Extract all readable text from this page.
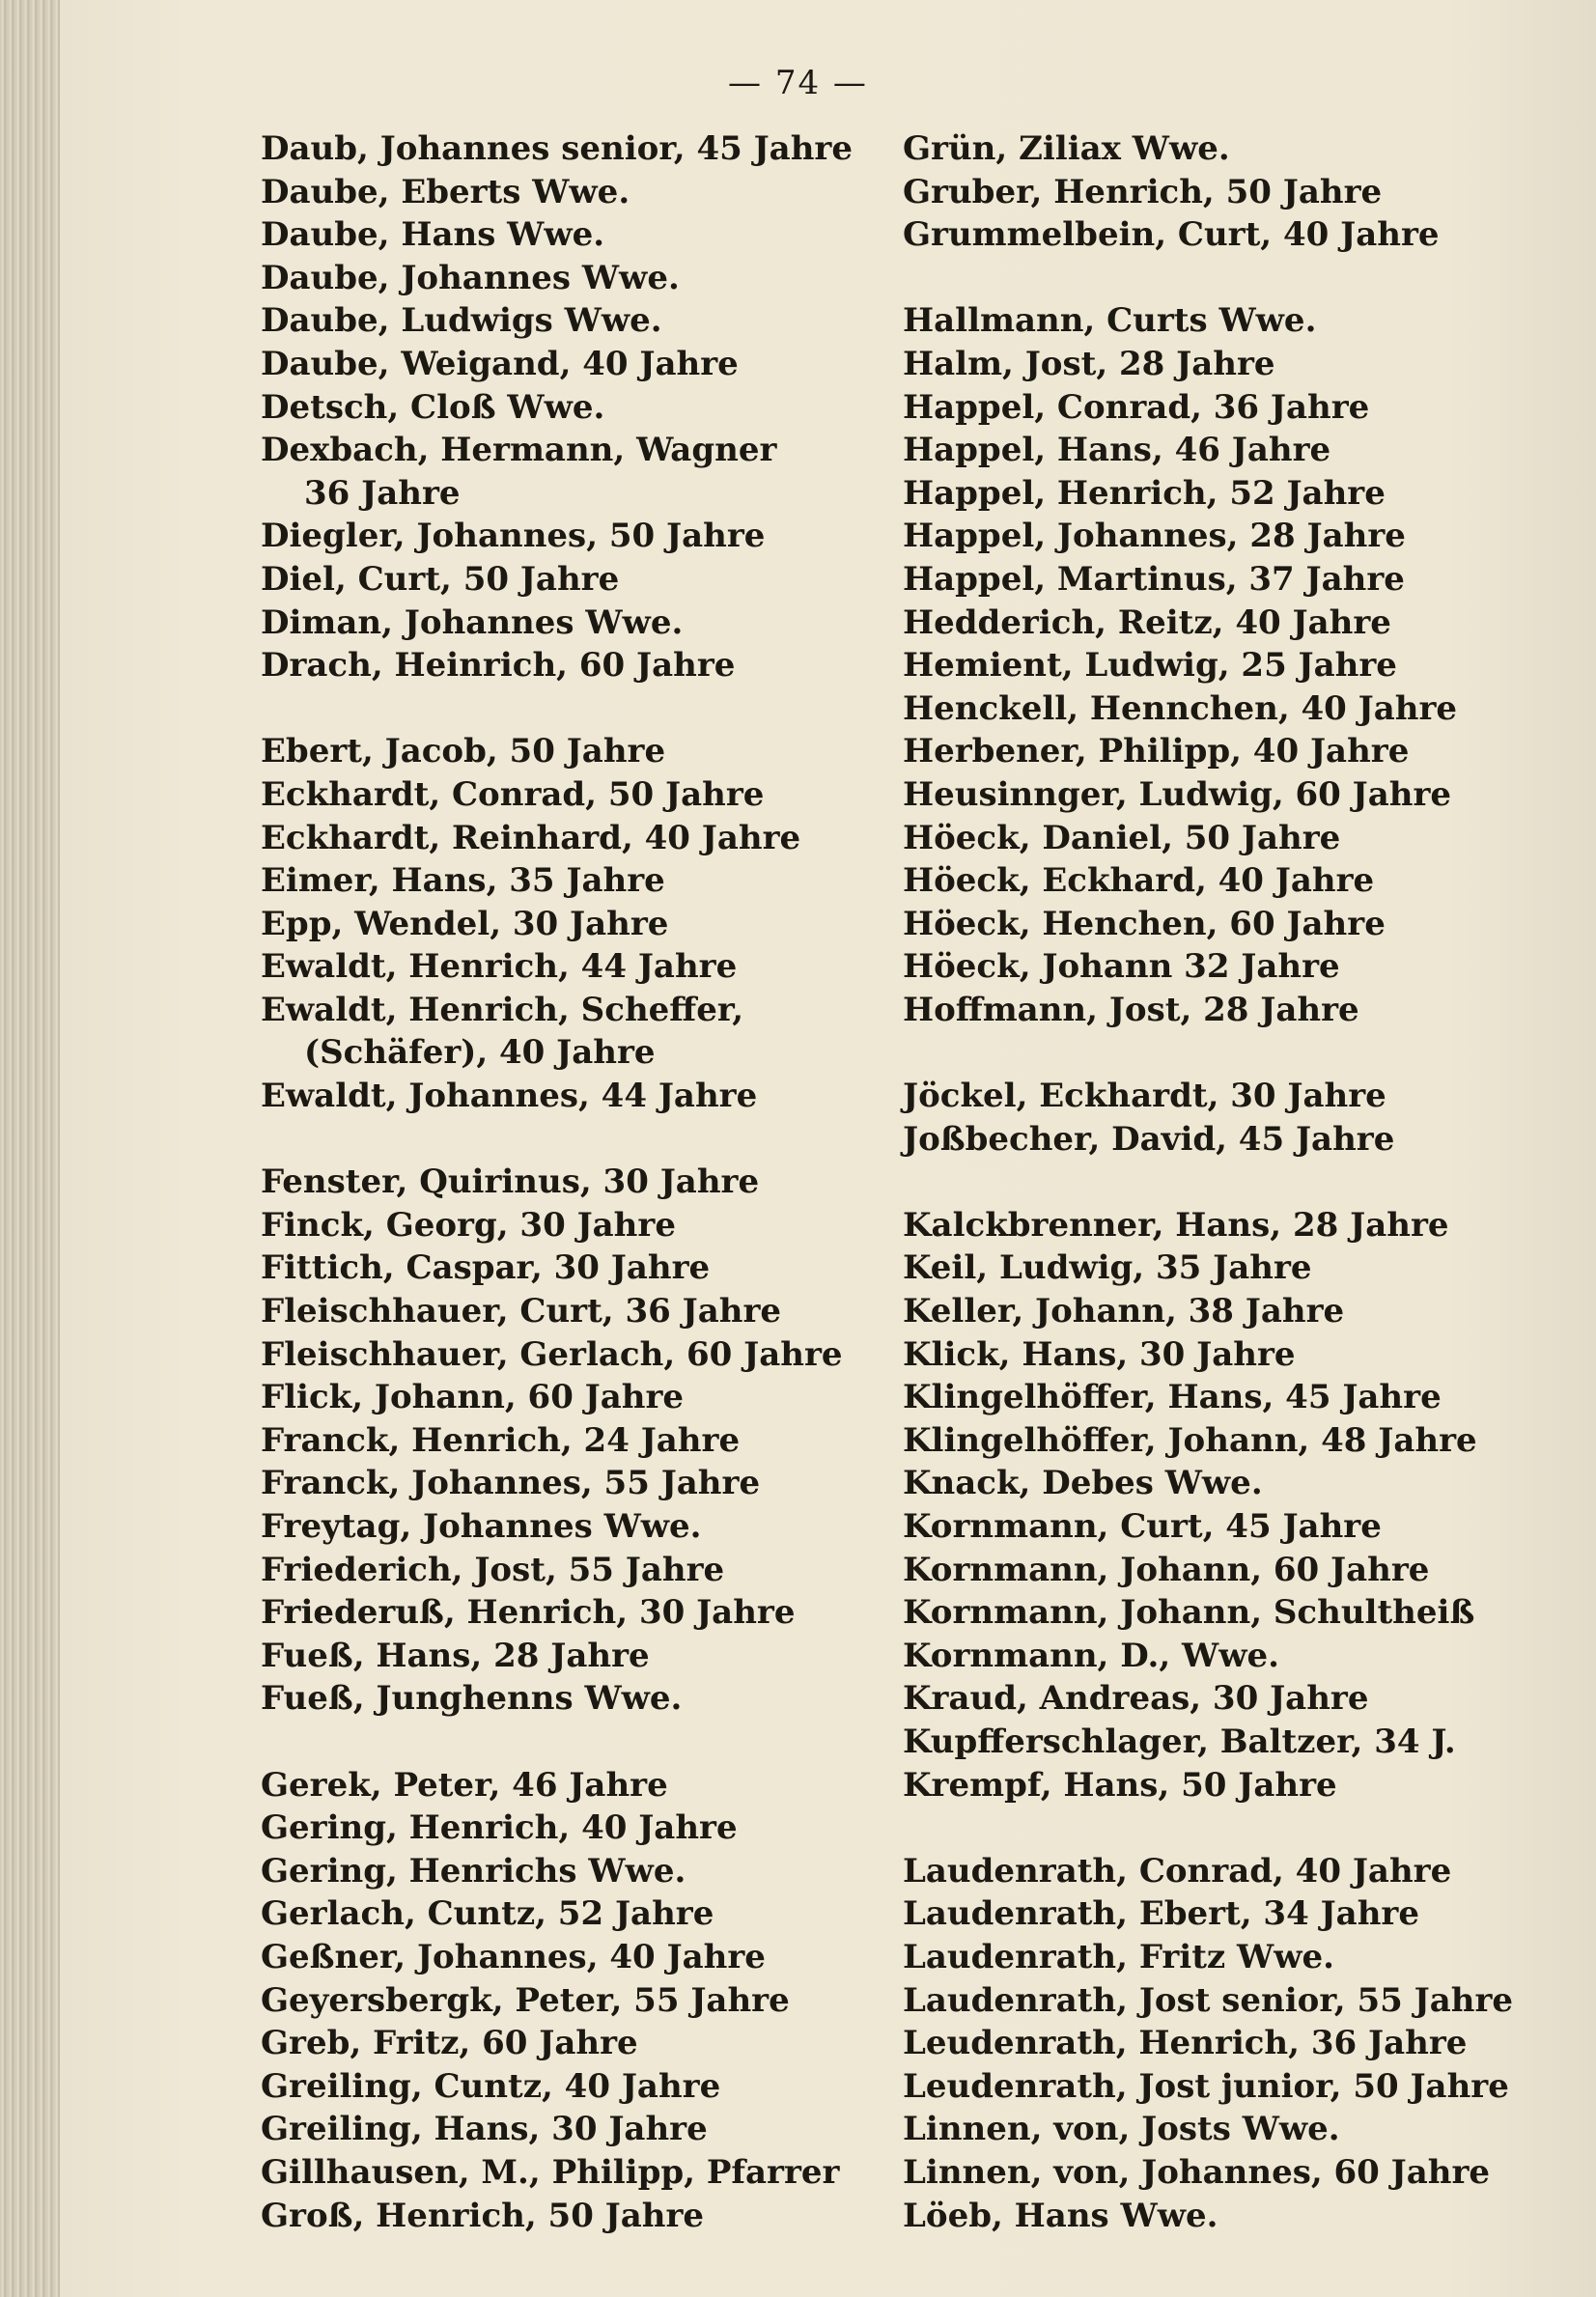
— 74 —
Daub, Johannes senior, 45 Jahre
Daube, Eberts Wwe.
Daube, Hans Wwe.
Daube, Johannes Wwe.
Daube, Ludwigs Wwe.
Daube, Weigand, 40 Jahre
Detsch, Cloß Wwe.
Dexbach, Hermann, Wagner
36 Jahre
Diegler, Johannes, 50 Jahre
Diel, Curt, 50 Jahre
Diman, Johannes Wwe.
Drach, Heinrich, 60 Jahre
Ebert, Jacob, 50 Jahre
Eckhardt, Conrad, 50 Jahre
Eckhardt, Reinhard, 40 Jahre
Eimer, Hans, 35 Jahre
Epp, Wendel, 30 Jahre
Ewaldt, Henrich, 44 Jahre
Ewaldt, Henrich, Scheffer,
(Schäfer), 40 Jahre
Ewaldt, Johannes, 44 Jahre
Fenster, Quirinus, 30 Jahre
Finck, Georg, 30 Jahre
Fittich, Caspar, 30 Jahre
Fleischhauer, Curt, 36 Jahre
Fleischhauer, Gerlach, 60 Jahre
Flick, Johann, 60 Jahre
Franck, Henrich, 24 Jahre
Franck, Johannes, 55 Jahre
Freytag, Johannes Wwe.
Friederich, Jost, 55 Jahre
Friederuß, Henrich, 30 Jahre
Fueß, Hans, 28 Jahre
Fueß, Junghenns Wwe.
Gerek, Peter, 46 Jahre
Gering, Henrich, 40 Jahre
Gering, Henrichs Wwe.
Gerlach, Cuntz, 52 Jahre
Geßner, Johannes, 40 Jahre
Geyersbergk, Peter, 55 Jahre
Greb, Fritz, 60 Jahre
Greiling, Cuntz, 40 Jahre
Greiling, Hans, 30 Jahre
Gillhausen, M., Philipp, Pfarrer
Groß, Henrich, 50 Jahre
Grün, Ziliax Wwe.
Gruber, Henrich, 50 Jahre
Grummelbein, Curt, 40 Jahre
Hallmann, Curts Wwe.
Halm, Jost, 28 Jahre
Happel, Conrad, 36 Jahre
Happel, Hans, 46 Jahre
Happel, Henrich, 52 Jahre
Happel, Johannes, 28 Jahre
Happel, Martinus, 37 Jahre
Hedderich, Reitz, 40 Jahre
Hemient, Ludwig, 25 Jahre
Henckell, Hennchen, 40 Jahre
Herbener, Philipp, 40 Jahre
Heusinnger, Ludwig, 60 Jahre
Höeck, Daniel, 50 Jahre
Höeck, Eckhard, 40 Jahre
Höeck, Henchen, 60 Jahre
Höeck, Johann 32 Jahre
Hoffmann, Jost, 28 Jahre
Jöckel, Eckhardt, 30 Jahre
Joßbecher, David, 45 Jahre
Kalckbrenner, Hans, 28 Jahre
Keil, Ludwig, 35 Jahre
Keller, Johann, 38 Jahre
Klick, Hans, 30 Jahre
Klingelhöffer, Hans, 45 Jahre
Klingelhöffer, Johann, 48 Jahre
Knack, Debes Wwe.
Kornmann, Curt, 45 Jahre
Kornmann, Johann, 60 Jahre
Kornmann, Johann, Schultheiß
Kornmann, D., Wwe.
Kraud, Andreas, 30 Jahre
Kupfferschlager, Baltzer, 34 J.
Krempf, Hans, 50 Jahre
Laudenrath, Conrad, 40 Jahre
Laudenrath, Ebert, 34 Jahre
Laudenrath, Fritz Wwe.
Laudenrath, Jost senior, 55 Jahre
Leudenrath, Henrich, 36 Jahre
Leudenrath, Jost junior, 50 Jahre
Linnen, von, Josts Wwe.
Linnen, von, Johannes, 60 Jahre
Löeb, Hans Wwe.
